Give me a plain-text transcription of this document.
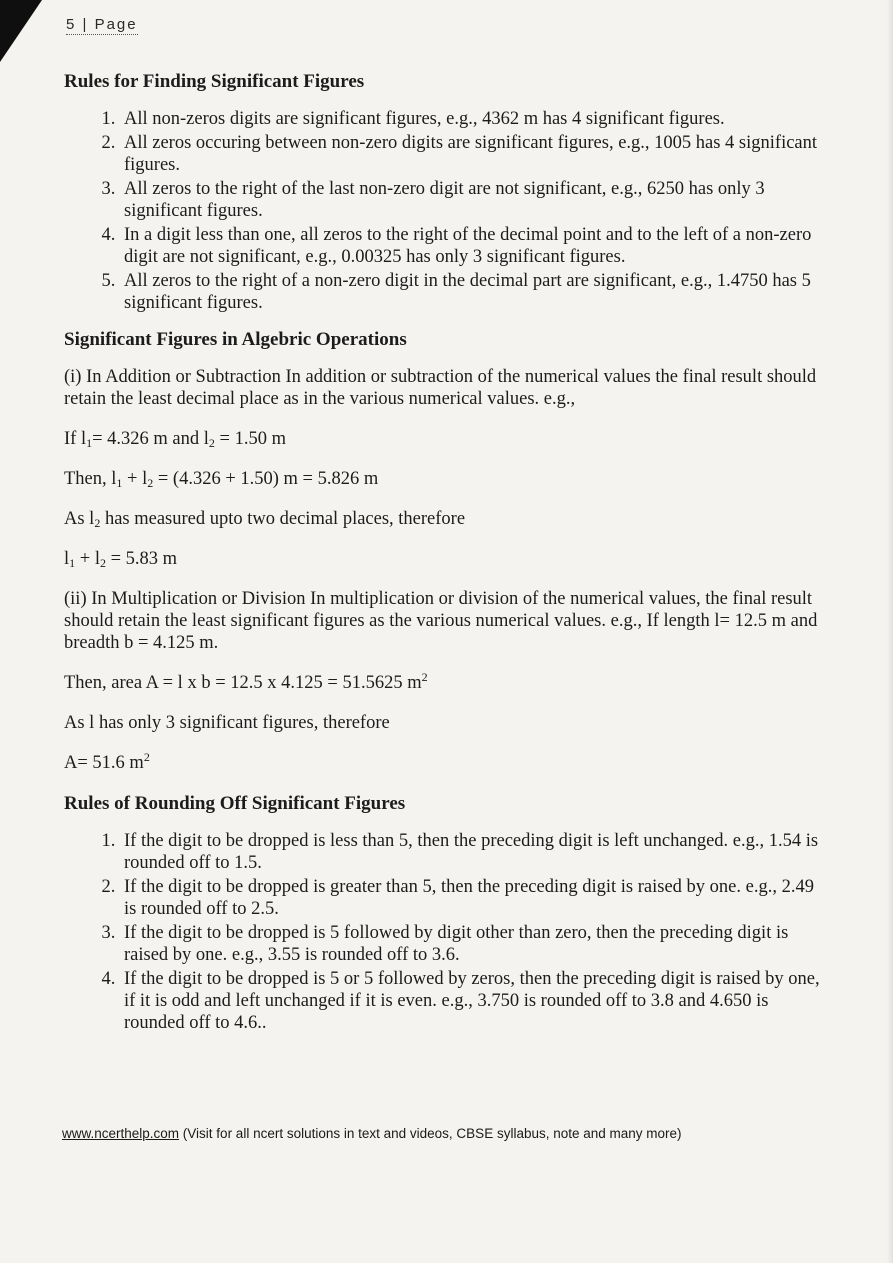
5 | Page
Rules for Finding Significant Figures
1. All non-zeros digits are significant figures, e.g., 4362 m has 4 significant figures.
2. All zeros occuring between non-zero digits are significant figures, e.g., 1005 has 4 significant figures.
3. All zeros to the right of the last non-zero digit are not significant, e.g., 6250 has only 3 significant figures.
4. In a digit less than one, all zeros to the right of the decimal point and to the left of a non-zero digit are not significant, e.g., 0.00325 has only 3 significant figures.
5. All zeros to the right of a non-zero digit in the decimal part are significant, e.g., 1.4750 has 5 significant figures.
Significant Figures in Algebric Operations

(i) In Addition or Subtraction In addition or subtraction of the numerical values the final result should retain the least decimal place as in the various numerical values. e.g.,

If $l_1= 4.326$ m and $l_2 = 1.50$ m

Then, $l_1 + l_2 = (4.326 + 1.50) m = 5.826$ m

As $l_2$ has measured upto two decimal places, therefore

$l_1 + l_2 = 5.83$ m

(ii) In Multiplication or Division In multiplication or division of the numerical values, the final result should retain the least significant figures as the various numerical values. e.g., If length l= 12.5 m and breadth b = 4.125 m.

Then, area A = l x b = 12.5 x 4.125 = 51.5625 $m^2$

As l has only 3 significant figures, therefore

A= 51.6 $m^2$

Rules of Rounding Off Significant Figures
1. If the digit to be dropped is less than 5, then the preceding digit is left unchanged. e.g., 1.54 is rounded off to 1.5.
2. If the digit to be dropped is greater than 5, then the preceding digit is raised by one. e.g., 2.49 is rounded off to 2.5.
3. If the digit to be dropped is 5 followed by digit other than zero, then the preceding digit is raised by one. e.g., 3.55 is rounded off to 3.6.
4. If the digit to be dropped is 5 or 5 followed by zeros, then the preceding digit is raised by one, if it is odd and left unchanged if it is even. e.g., 3.750 is rounded off to 3.8 and 4.650 is rounded off to 4.6..
www.ncerthelp.com (Visit for all ncert solutions in text and videos, CBSE syllabus, note and many more)
